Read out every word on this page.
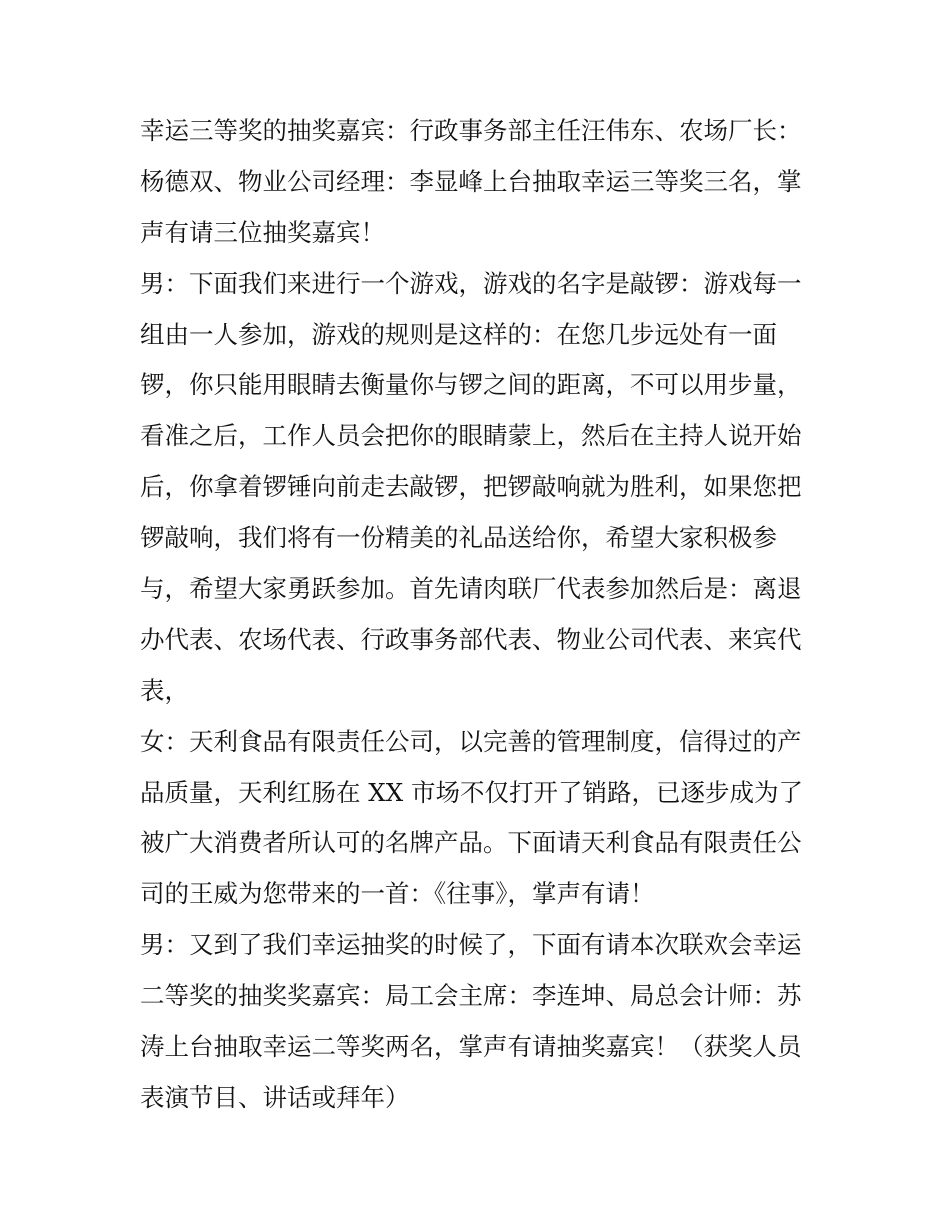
幸运三等奖的抽奖嘉宾：行政事务部主任汪伟东、农场厂长：
杨德双、物业公司经理：李显峰上台抽取幸运三等奖三名，掌
声有请三位抽奖嘉宾！
男：下面我们来进行一个游戏，游戏的名字是敲锣：游戏每一
组由一人参加，游戏的规则是这样的：在您几步远处有一面
锣，你只能用眼睛去衡量你与锣之间的距离，不可以用步量，
看准之后，工作人员会把你的眼睛蒙上，然后在主持人说开始
后，你拿着锣锤向前走去敲锣，把锣敲响就为胜利，如果您把
锣敲响，我们将有一份精美的礼品送给你，希望大家积极参
与，希望大家勇跃参加。首先请肉联厂代表参加然后是：离退
办代表、农场代表、行政事务部代表、物业公司代表、来宾代
表，
女：天利食品有限责任公司，以完善的管理制度，信得过的产
品质量，天利红肠在 XX 市场不仅打开了销路，已逐步成为了
被广大消费者所认可的名牌产品。下面请天利食品有限责任公
司的王威为您带来的一首：《往事》，掌声有请！
男：又到了我们幸运抽奖的时候了，下面有请本次联欢会幸运
二等奖的抽奖奖嘉宾：局工会主席：李连坤、局总会计师：苏
涛上台抽取幸运二等奖两名，掌声有请抽奖嘉宾！（获奖人员
表演节目、讲话或拜年）
